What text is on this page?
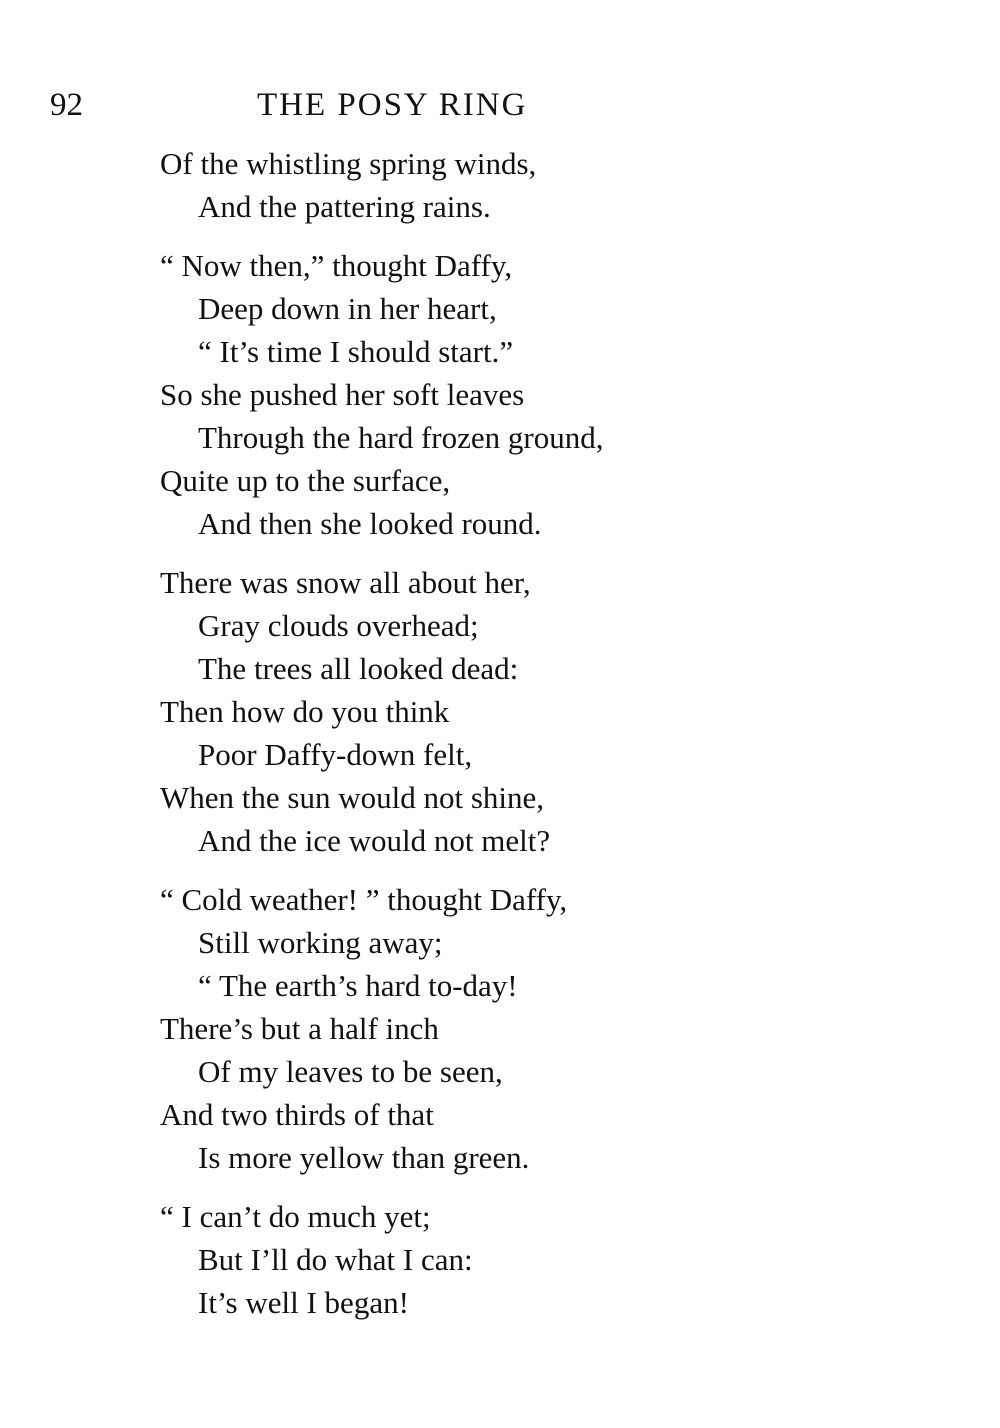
92	THE POSY RING
Of the whistling spring winds,
And the pattering rains.
“ Now then,” thought Daffy,
Deep down in her heart,
“ It’s time I should start.”
So she pushed her soft leaves
Through the hard frozen ground,
Quite up to the surface,
And then she looked round.
There was snow all about her,
Gray clouds overhead;
The trees all looked dead:
Then how do you think
Poor Daffy-down felt,
When the sun would not shine,
And the ice would not melt?
“ Cold weather! ” thought Daffy,
Still working away;
“ The earth’s hard to-day!
There’s but a half inch
Of my leaves to be seen,
And two thirds of that
Is more yellow than green.
“ I can’t do much yet;
But I’ll do what I can:
It’s well I began!
